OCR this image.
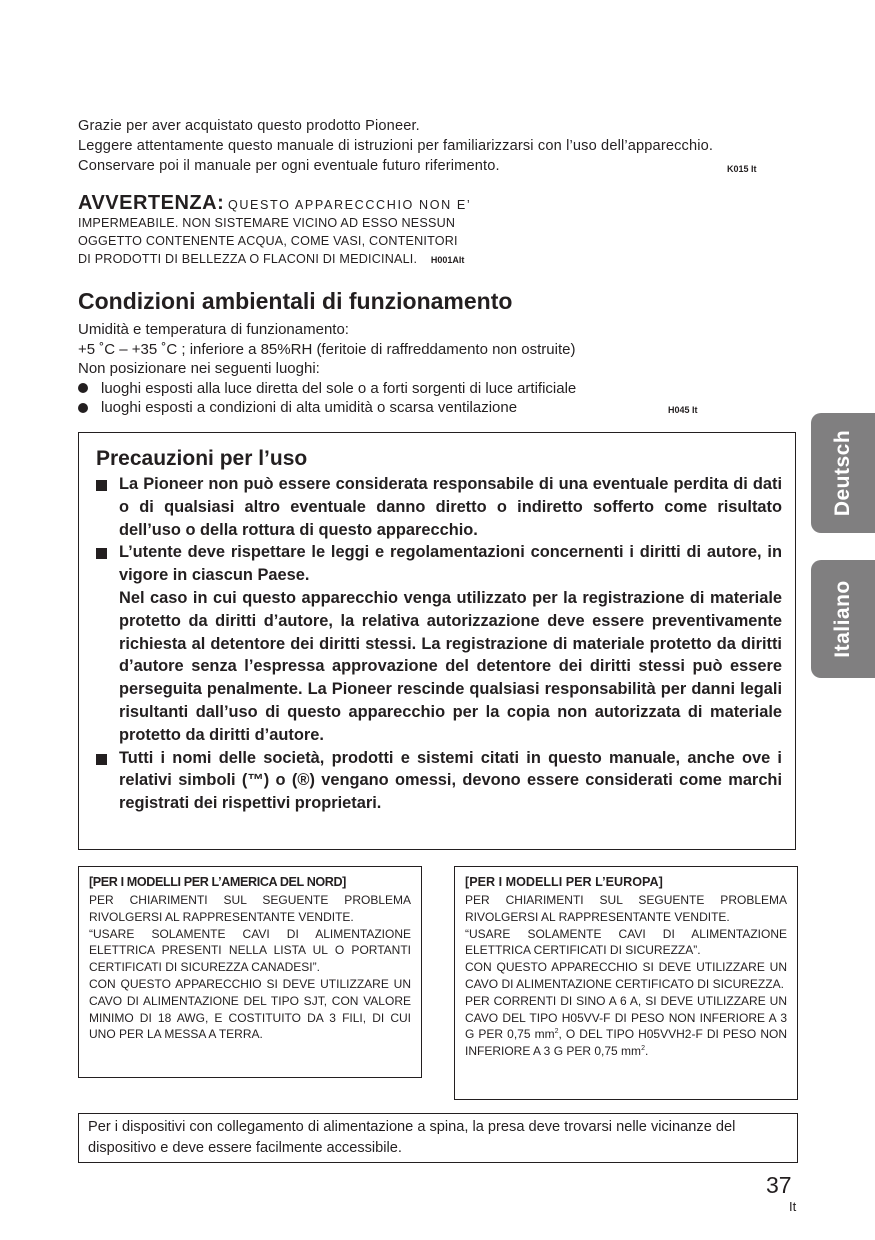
Grazie per aver acquistato questo prodotto Pioneer.
Leggere attentamente questo manuale di istruzioni per familiarizzarsi con l’uso dell’apparecchio.
Conservare poi il manuale per ogni eventuale futuro riferimento.	K015 It
AVVERTENZA: QUESTO APPARECCCHIO NON E’
IMPERMEABILE. NON SISTEMARE VICINO AD ESSO NESSUN
OGGETTO CONTENENTE ACQUA, COME VASI, CONTENITORI
DI PRODOTTI DI BELLEZZA O FLACONI DI MEDICINALI. H001AIt
Condizioni ambientali di funzionamento
Umidità e temperatura di funzionamento:
+5 ˚C – +35 ˚C ; inferiore a 85%RH (feritoie di raffreddamento non ostruite)
Non posizionare nei seguenti luoghi:
luoghi esposti alla luce diretta del sole o a forti sorgenti di luce artificiale
luoghi esposti a condizioni di alta umidità o scarsa ventilazione	H045 It
Deutsch
Italiano
Precauzioni per l’uso

La Pioneer non può essere considerata responsabile di una eventuale perdita di dati o di qualsiasi altro eventuale danno diretto o indiretto sofferto come risultato dell’uso o della rottura di questo apparecchio.

L’utente deve rispettare le leggi e regolamentazioni concernenti i diritti di autore, in vigore in ciascun Paese.

Nel caso in cui questo apparecchio venga utilizzato per la registrazione di materiale protetto da diritti d’autore, la relativa autorizzazione deve essere preventivamente richiesta al detentore dei diritti stessi. La registrazione di materiale protetto da diritti d’autore senza l’espressa approvazione del detentore dei diritti stessi può essere perseguita penalmente. La Pioneer rescinde qualsiasi responsabilità per danni legali risultanti dall’uso di questo apparecchio per la copia non autorizzata di materiale protetto da diritti d’autore.

Tutti i nomi delle società, prodotti e sistemi citati in questo manuale, anche ove i relativi simboli (™) o (®) vengano omessi, devono essere considerati come marchi registrati dei rispettivi proprietari.

[PER I MODELLI PER L’AMERICA DEL NORD]
PER CHIARIMENTI SUL SEGUENTE PROBLEMA RIVOLGERSI AL RAPPRESENTANTE VENDITE.
“USARE SOLAMENTE CAVI DI ALIMENTAZIONE ELETTRICA PRESENTI NELLA LISTA UL O PORTANTI CERTIFICATI DI SICUREZZA CANADESI”.
CON QUESTO APPARECCHIO SI DEVE UTILIZZARE UN CAVO DI ALIMENTAZIONE DEL TIPO SJT, CON VALORE MINIMO DI 18 AWG, E COSTITUITO DA 3 FILI, DI CUI UNO PER LA MESSA A TERRA.
[PER I MODELLI PER L’EUROPA]
PER CHIARIMENTI SUL SEGUENTE PROBLEMA RIVOLGERSI AL RAPPRESENTANTE VENDITE.
“USARE SOLAMENTE CAVI DI ALIMENTAZIONE ELETTRICA CERTIFICATI DI SICUREZZA”.
CON QUESTO APPARECCHIO SI DEVE UTILIZZARE UN CAVO DI ALIMENTAZIONE CERTIFICATO DI SICUREZZA.
PER CORRENTI DI SINO A 6 A, SI DEVE UTILIZZARE UN CAVO DEL TIPO H05VV-F DI PESO NON INFERIORE A 3 G PER 0,75 $mm^2$, O DEL TIPO H05VVH2-F DI PESO NON INFERIORE A 3 G PER 0,75 $mm^2$.
Per i dispositivi con collegamento di alimentazione a spina, la presa deve trovarsi nelle vicinanze del dispositivo e deve essere facilmente accessibile.
37
It
